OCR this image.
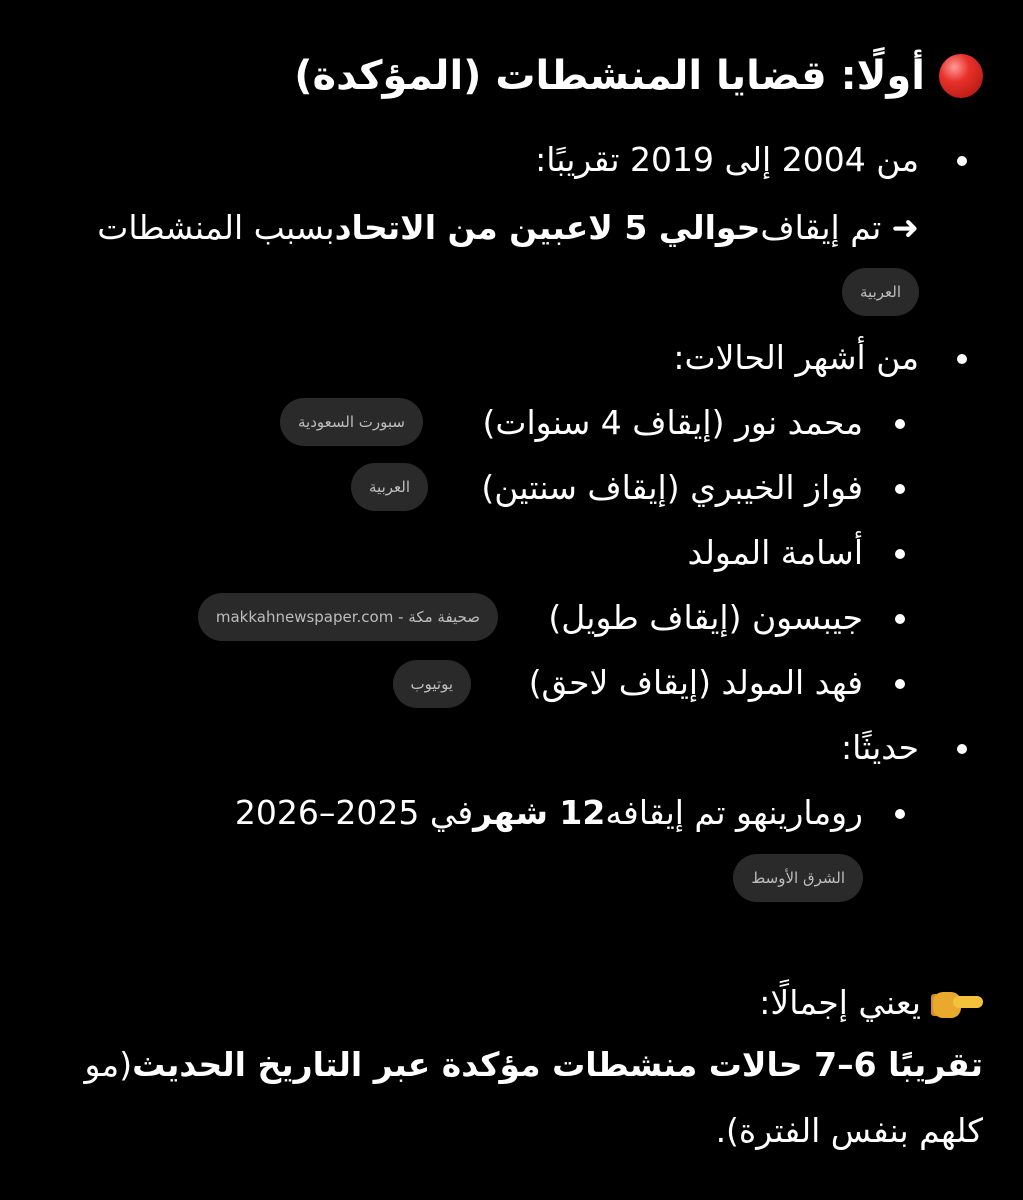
أولًا: قضايا المنشطات (المؤكدة)
من 2004 إلى 2019 تقريبًا:
➜
تم إيقاف
حوالي 5 لاعبين من الاتحاد
بسبب المنشطات
العربية
من أشهر الحالات:
محمد نور (إيقاف 4 سنوات)
سبورت السعودية
فواز الخيبري (إيقاف سنتين)
العربية
أسامة المولد
جيبسون (إيقاف طويل)
صحيفة مكة - makkahnewspaper.com
فهد المولد (إيقاف لاحق)
يوتيوب
حديثًا:
رومارينهو تم إيقافه
12 شهر
في 2025–2026
الشرق الأوسط
يعني إجمالًا:
تقريبًا 6–7 حالات منشطات مؤكدة عبر التاريخ الحديث
(مو
كلهم بنفس الفترة).
